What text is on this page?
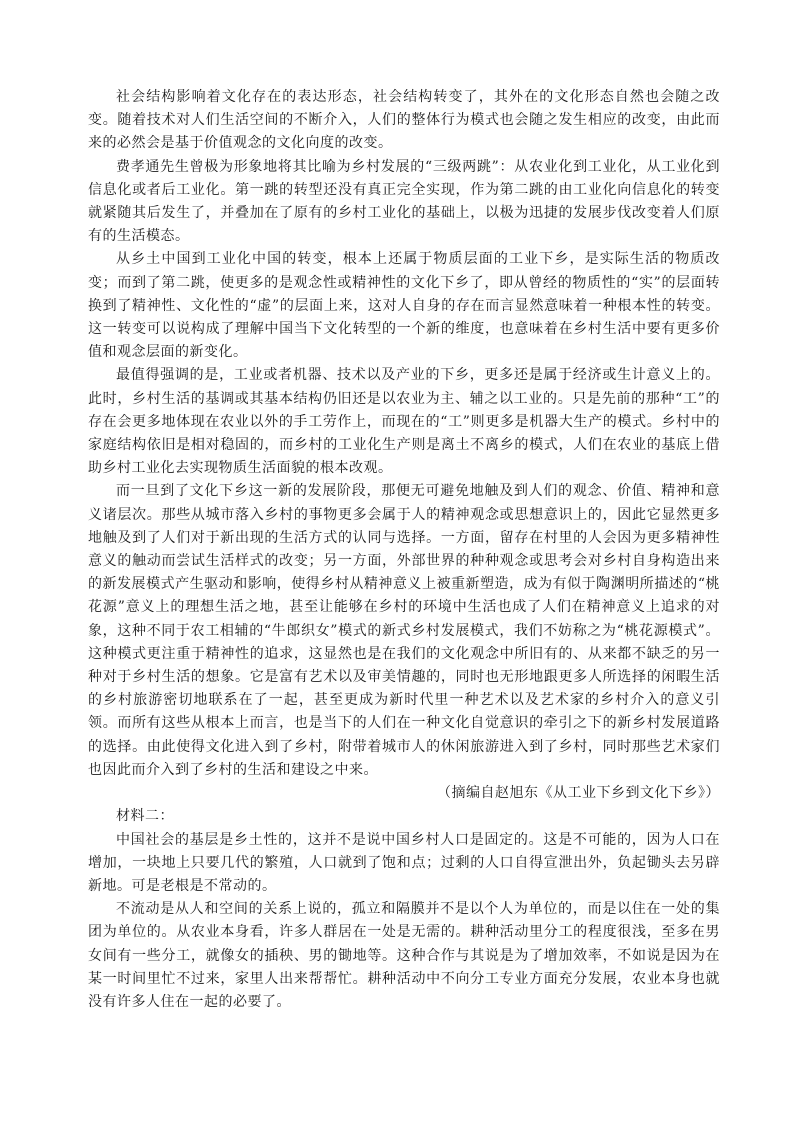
社会结构影响着文化存在的表达形态，社会结构转变了，其外在的文化形态自然也会随之改变。随着技术对人们生活空间的不断介入，人们的整体行为模式也会随之发生相应的改变，由此而来的必然会是基于价值观念的文化向度的改变。

费孝通先生曾极为形象地将其比喻为乡村发展的“三级两跳”：从农业化到工业化，从工业化到信息化或者后工业化。第一跳的转型还没有真正完全实现，作为第二跳的由工业化向信息化的转变就紧随其后发生了，并叠加在了原有的乡村工业化的基础上，以极为迅捷的发展步伐改变着人们原有的生活模态。

从乡土中国到工业化中国的转变，根本上还属于物质层面的工业下乡，是实际生活的物质改变；而到了第二跳，使更多的是观念性或精神性的文化下乡了，即从曾经的物质性的“实”的层面转换到了精神性、文化性的“虚”的层面上来，这对人自身的存在而言显然意味着一种根本性的转变。这一转变可以说构成了理解中国当下文化转型的一个新的维度，也意味着在乡村生活中要有更多价值和观念层面的新变化。

最值得强调的是，工业或者机器、技术以及产业的下乡，更多还是属于经济或生计意义上的。此时，乡村生活的基调或其基本结构仍旧还是以农业为主、辅之以工业的。只是先前的那种“工”的存在会更多地体现在农业以外的手工劳作上，而现在的“工”则更多是机器大生产的模式。乡村中的家庭结构依旧是相对稳固的，而乡村的工业化生产则是离土不离乡的模式，人们在农业的基底上借助乡村工业化去实现物质生活面貌的根本改观。

而一旦到了文化下乡这一新的发展阶段，那便无可避免地触及到人们的观念、价值、精神和意义诸层次。那些从城市落入乡村的事物更多会属于人的精神观念或思想意识上的，因此它显然更多地触及到了人们对于新出现的生活方式的认同与选择。一方面，留存在村里的人会因为更多精神性意义的触动而尝试生活样式的改变；另一方面，外部世界的种种观念或思考会对乡村自身构造出来的新发展模式产生驱动和影响，使得乡村从精神意义上被重新塑造，成为有似于陶渊明所描述的“桃花源”意义上的理想生活之地，甚至让能够在乡村的环境中生活也成了人们在精神意义上追求的对象，这种不同于农工相辅的“牛郎织女”模式的新式乡村发展模式，我们不妨称之为“桃花源模式”。这种模式更注重于精神性的追求，这显然也是在我们的文化观念中所旧有的、从来都不缺乏的另一种对于乡村生活的想象。它是富有艺术以及审美情趣的，同时也无形地跟更多人所选择的闲暇生活的乡村旅游密切地联系在了一起，甚至更成为新时代里一种艺术以及艺术家的乡村介入的意义引领。而所有这些从根本上而言，也是当下的人们在一种文化自觉意识的牵引之下的新乡村发展道路的选择。由此使得文化进入到了乡村，附带着城市人的休闲旅游进入到了乡村，同时那些艺术家们也因此而介入到了乡村的生活和建设之中来。

（摘编自赵旭东《从工业下乡到文化下乡》）

材料二：

中国社会的基层是乡土性的，这并不是说中国乡村人口是固定的。这是不可能的，因为人口在增加，一块地上只要几代的繁殖，人口就到了饱和点；过剩的人口自得宣泄出外，负起锄头去另辟新地。可是老根是不常动的。

不流动是从人和空间的关系上说的，孤立和隔膜并不是以个人为单位的，而是以住在一处的集团为单位的。从农业本身看，许多人群居在一处是无需的。耕种活动里分工的程度很浅，至多在男女间有一些分工，就像女的插秧、男的锄地等。这种合作与其说是为了增加效率，不如说是因为在某一时间里忙不过来，家里人出来帮帮忙。耕种活动中不向分工专业方面充分发展，农业本身也就没有许多人住在一起的必要了。
